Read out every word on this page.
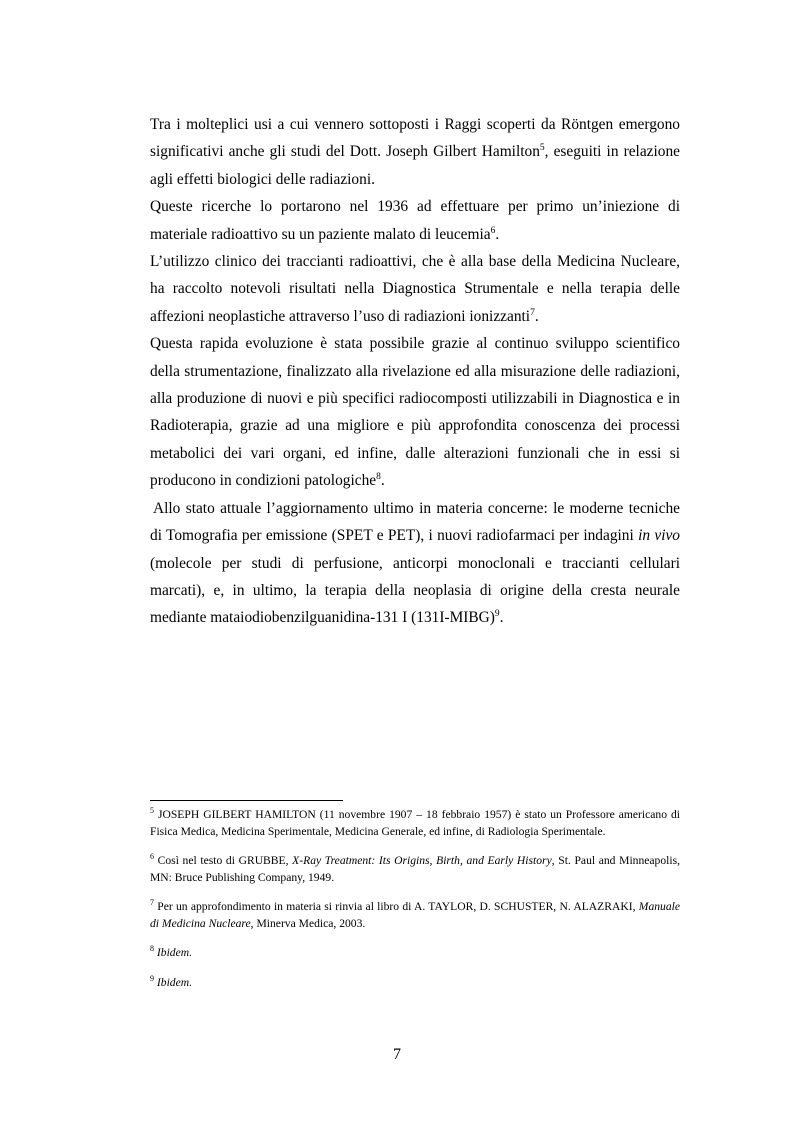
Tra i molteplici usi a cui vennero sottoposti i Raggi scoperti da Röntgen emergono significativi anche gli studi del Dott. Joseph Gilbert Hamilton$^5$, eseguiti in relazione agli effetti biologici delle radiazioni.

Queste ricerche lo portarono nel 1936 ad effettuare per primo un’iniezione di materiale radioattivo su un paziente malato di leucemia$^6$.

L’utilizzo clinico dei traccianti radioattivi, che è alla base della Medicina Nucleare, ha raccolto notevoli risultati nella Diagnostica Strumentale e nella terapia delle affezioni neoplastiche attraverso l’uso di radiazioni ionizzanti$^7$.

Questa rapida evoluzione è stata possibile grazie al continuo sviluppo scientifico della strumentazione, finalizzato alla rivelazione ed alla misurazione delle radiazioni, alla produzione di nuovi e più specifici radiocomposti utilizzabili in Diagnostica e in Radioterapia, grazie ad una migliore e più approfondita conoscenza dei processi metabolici dei vari organi, ed infine, dalle alterazioni funzionali che in essi si producono in condizioni patologiche$^8$.

Allo stato attuale l’aggiornamento ultimo in materia concerne: le moderne tecniche di Tomografia per emissione (SPET e PET), i nuovi radiofarmaci per indagini in vivo (molecole per studi di perfusione, anticorpi monoclonali e traccianti cellulari marcati), e, in ultimo, la terapia della neoplasia di origine della cresta neurale mediante mataiodiobenzilguanidina-131 I (131I-MIBG)$^9$.

$^5$ JOSEPH GILBERT HAMILTON (11 novembre 1907 – 18 febbraio 1957) è stato un Professore americano di Fisica Medica, Medicina Sperimentale, Medicina Generale, ed infine, di Radiologia Sperimentale.

$^6$ Così nel testo di GRUBBE, X-Ray Treatment: Its Origins, Birth, and Early History, St. Paul and Minneapolis, MN: Bruce Publishing Company, 1949.

$^7$ Per un approfondimento in materia si rinvia al libro di A. TAYLOR, D. SCHUSTER, N. ALAZRAKI, Manuale di Medicina Nucleare, Minerva Medica, 2003.

$^8$ Ibidem.

$^9$ Ibidem.

7
